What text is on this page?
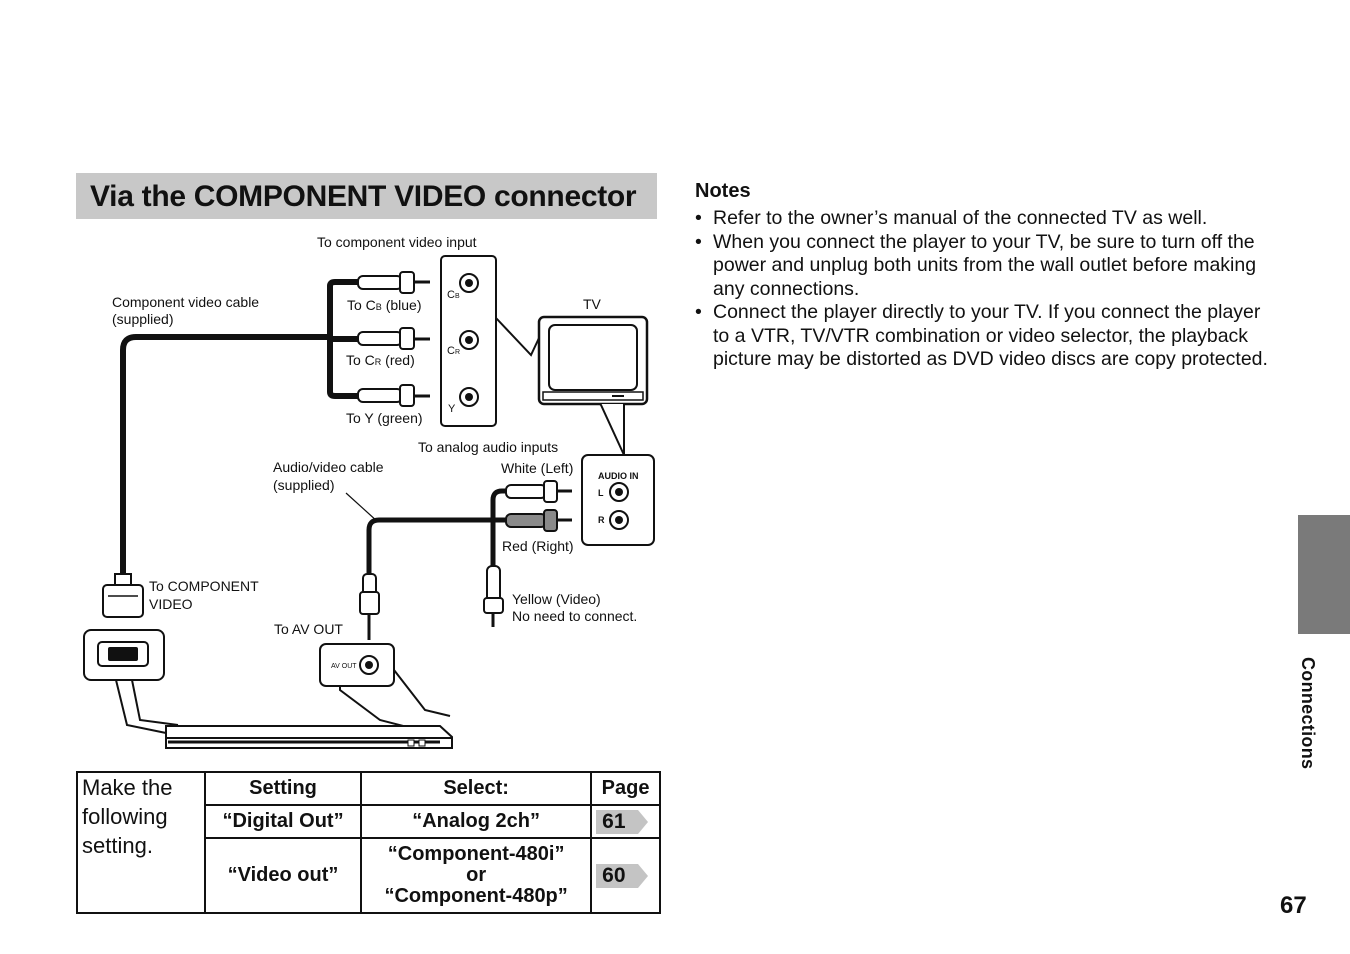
Via the COMPONENT VIDEO connector
To component video input
Component video cable
(supplied)
To CB (blue)
To CR (red)
To Y (green)
TV
To analog audio inputs
Audio/video cable
(supplied)
White (Left)
Red (Right)
To COMPONENT
VIDEO
To AV OUT
Yellow (Video)
No need to connect.
CB
CR
Y
AUDIO IN
L
R
AV OUT
Make the following setting.	Setting	Select:	Page
	“Digital Out”	“Analog 2ch”	61
	“Video out”	“Component-480i”
or
“Component-480p”	60
Notes
• Refer to the owner’s manual of the connected TV as well.
• When you connect the player to your TV, be sure to turn off the power and unplug both units from the wall outlet before making any connections.
• Connect the player directly to your TV. If you connect the player to a VTR, TV/VTR combination or video selector, the playback picture may be distorted as DVD video discs are copy protected.
Connections
67
